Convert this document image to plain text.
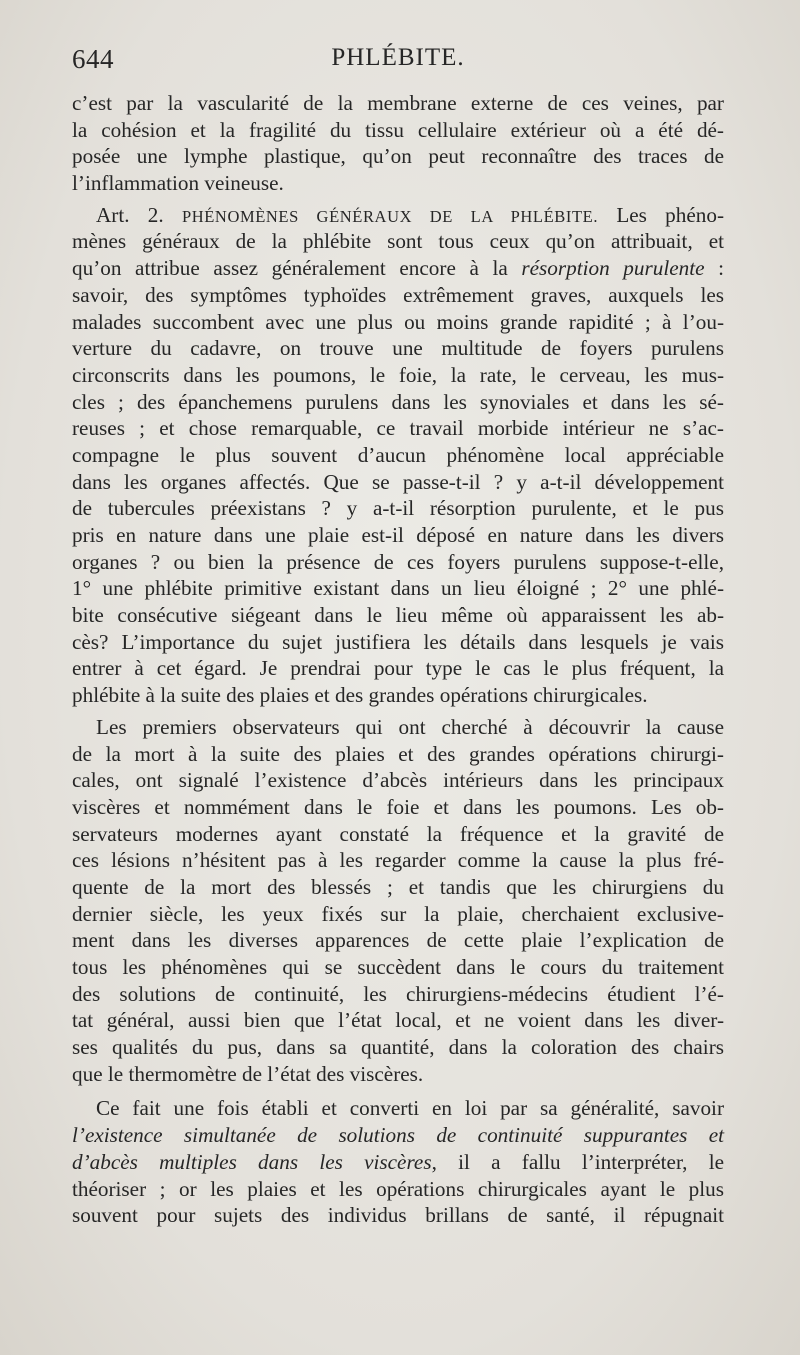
644	PHLÉBITE.
c’est par la vascularité de la membrane externe de ces veines, par
la cohésion et la fragilité du tissu cellulaire extérieur où a été dé-
posée une lymphe plastique, qu’on peut reconnaître des traces de
l’inflammation veineuse.
Art. 2. PHÉNOMÈNES GÉNÉRAUX DE LA PHLÉBITE. Les phéno-
mènes généraux de la phlébite sont tous ceux qu’on attribuait, et
qu’on attribue assez généralement encore à la résorption purulente :
savoir, des symptômes typhoïdes extrêmement graves, auxquels les
malades succombent avec une plus ou moins grande rapidité ; à l’ou-
verture du cadavre, on trouve une multitude de foyers purulens
circonscrits dans les poumons, le foie, la rate, le cerveau, les mus-
cles ; des épanchemens purulens dans les synoviales et dans les sé-
reuses ; et chose remarquable, ce travail morbide intérieur ne s’ac-
compagne le plus souvent d’aucun phénomène local appréciable
dans les organes affectés. Que se passe-t-il ? y a-t-il développement
de tubercules préexistans ? y a-t-il résorption purulente, et le pus
pris en nature dans une plaie est-il déposé en nature dans les divers
organes ? ou bien la présence de ces foyers purulens suppose-t-elle,
1° une phlébite primitive existant dans un lieu éloigné ; 2° une phlé-
bite consécutive siégeant dans le lieu même où apparaissent les ab-
cès? L’importance du sujet justifiera les détails dans lesquels je vais
entrer à cet égard. Je prendrai pour type le cas le plus fréquent, la
phlébite à la suite des plaies et des grandes opérations chirurgicales.
Les premiers observateurs qui ont cherché à découvrir la cause
de la mort à la suite des plaies et des grandes opérations chirurgi-
cales, ont signalé l’existence d’abcès intérieurs dans les principaux
viscères et nommément dans le foie et dans les poumons. Les ob-
servateurs modernes ayant constaté la fréquence et la gravité de
ces lésions n’hésitent pas à les regarder comme la cause la plus fré-
quente de la mort des blessés ; et tandis que les chirurgiens du
dernier siècle, les yeux fixés sur la plaie, cherchaient exclusive-
ment dans les diverses apparences de cette plaie l’explication de
tous les phénomènes qui se succèdent dans le cours du traitement
des solutions de continuité, les chirurgiens-médecins étudient l’é-
tat général, aussi bien que l’état local, et ne voient dans les diver-
ses qualités du pus, dans sa quantité, dans la coloration des chairs
que le thermomètre de l’état des viscères.
Ce fait une fois établi et converti en loi par sa généralité, savoir
l’existence simultanée de solutions de continuité suppurantes et
d’abcès multiples dans les viscères, il a fallu l’interpréter, le
théoriser ; or les plaies et les opérations chirurgicales ayant le plus
souvent pour sujets des individus brillans de santé, il répugnait
